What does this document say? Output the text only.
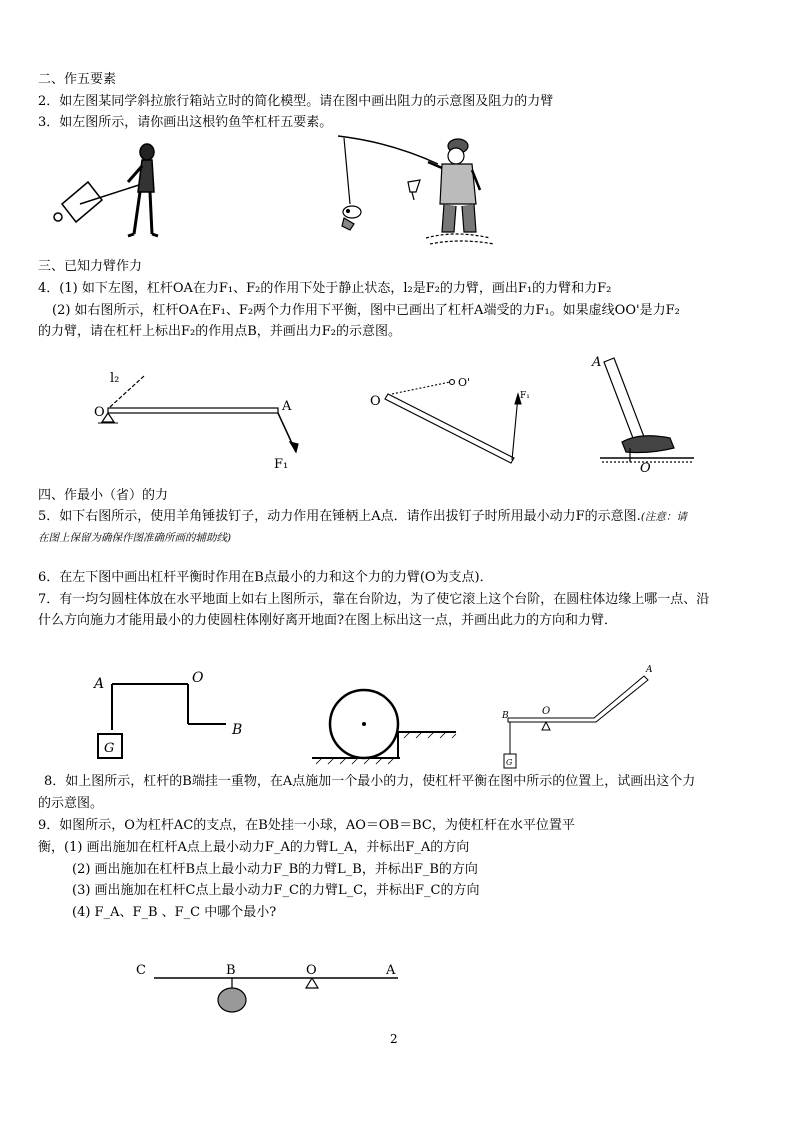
二、作五要素
2．如左图某同学斜拉旅行箱站立时的简化模型。请在图中画出阻力的示意图及阻力的力臂
3．如左图所示，请你画出这根钓鱼竿杠杆五要素。
三、已知力臂作力
4．(1) 如下左图，杠杆OA在力F₁、F₂的作用下处于静止状态，l₂是F₂的力臂，画出F₁的力臂和力F₂
(2) 如右图所示，杠杆OA在F₁、F₂两个力作用下平衡，图中已画出了杠杆A端受的力F₁。如果虚线OO'是力F₂
的力臂，请在杠杆上标出F₂的作用点B，并画出力F₂的示意图。
l₂
O	A
F₁
O
O'
F₁
A
O
四、作最小（省）的力
5．如下右图所示，使用羊角锤拔钉子，动力作用在锤柄上A点．请作出拔钉子时所用最小动力F的示意图.(注意：请
在图上保留为确保作图准确所画的辅助线)
6．在左下图中画出杠杆平衡时作用在B点最小的力和这个力的力臂(O为支点)．
7．有一均匀圆柱体放在水平地面上如右上图所示，靠在台阶边，为了使它滚上这个台阶，在圆柱体边缘上哪一点、沿
什么方向施力才能用最小的力使圆柱体刚好离开地面?在图上标出这一点，并画出此力的方向和力臂．
A	O
B
G
B	O
A
G
8．如上图所示，杠杆的B端挂一重物，在A点施加一个最小的力，使杠杆平衡在图中所示的位置上，试画出这个力
的示意图。
9．如图所示，O为杠杆AC的支点，在B处挂一小球，AO＝OB＝BC，为使杠杆在水平位置平
衡，(1) 画出施加在杠杆A点上最小动力F_A的力臂L_A，并标出F_A的方向
(2) 画出施加在杠杆B点上最小动力F_B的力臂L_B，并标出F_B的方向
(3) 画出施加在杠杆C点上最小动力F_C的力臂L_C，并标出F_C的方向
(4) F_A、F_B 、F_C 中哪个最小?
C	B	O	A
2
